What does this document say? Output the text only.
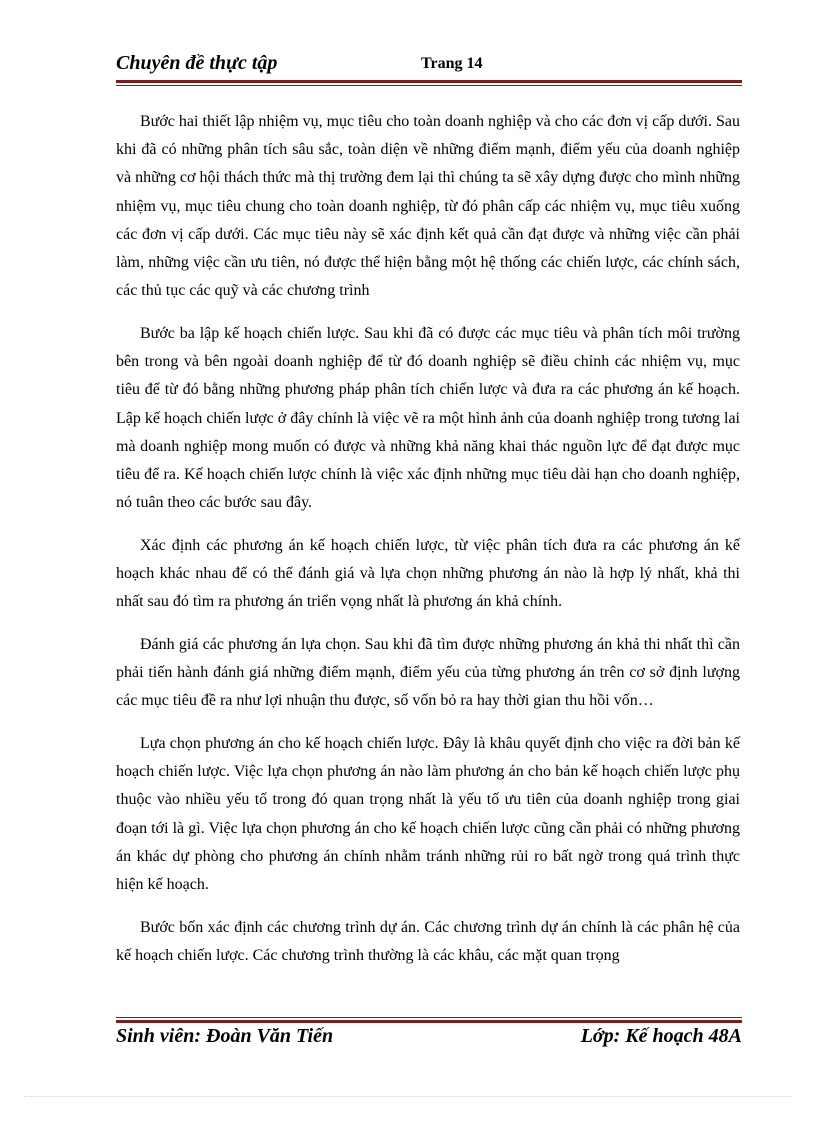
Chuyên đề thực tập	Trang 14

Bước hai thiết lập nhiệm vụ, mục tiêu cho toàn doanh nghiệp và cho các đơn vị cấp dưới. Sau khi đã có những phân tích sâu sắc, toàn diện về những điểm mạnh, điểm yếu của doanh nghiệp và những cơ hội thách thức mà thị trường đem lại thì chúng ta sẽ xây dựng được cho mình những nhiệm vụ, mục tiêu chung cho toàn doanh nghiệp, từ đó phân cấp các nhiệm vụ, mục tiêu xuống các đơn vị cấp dưới. Các mục tiêu này sẽ xác định kết quả cần đạt được và những việc cần phải làm, những việc cần ưu tiên, nó được thể hiện bằng một hệ thống các chiến lược, các chính sách, các thủ tục các quỹ và các chương trình

Bước ba lập kế hoạch chiến lược. Sau khi đã có được các mục tiêu và phân tích môi trường bên trong và bên ngoài doanh nghiệp để từ đó doanh nghiệp sẽ điều chỉnh các nhiệm vụ, mục tiêu để từ đó bằng những phương pháp phân tích chiến lược và đưa ra các phương án kế hoạch. Lập kế hoạch chiến lược ở đây chính là việc vẽ ra một hình ảnh của doanh nghiệp trong tương lai mà doanh nghiệp mong muốn có được và những khả năng khai thác nguồn lực để đạt được mục tiêu để ra. Kế hoạch chiến lược chính là việc xác định những mục tiêu dài hạn cho doanh nghiệp, nó tuân theo các bước sau đây.

Xác định các phương án kế hoạch chiến lược, từ việc phân tích đưa ra các phương án kế hoạch khác nhau để có thể đánh giá và lựa chọn những phương án nào là hợp lý nhất, khả thi nhất sau đó tìm ra phương án triển vọng nhất là phương án khả chính.

Đánh giá các phương án lựa chọn. Sau khi đã tìm được những phương án khả thi nhất thì cần phải tiến hành đánh giá những điểm mạnh, điểm yếu của từng phương án trên cơ sở định lượng các mục tiêu đề ra như lợi nhuận thu được, số vốn bỏ ra hay thời gian thu hồi vốn…

Lựa chọn phương án cho kế hoạch chiến lược. Đây là khâu quyết định cho việc ra đời bản kế hoạch chiến lược. Việc lựa chọn phương án nào làm phương án cho bản kế hoạch chiến lược phụ thuộc vào nhiều yếu tố trong đó quan trọng nhất là yếu tố ưu tiên của doanh nghiệp trong giai đoạn tới là gì. Việc lựa chọn phương án cho kế hoạch chiến lược cũng cần phải có những phương án khác dự phòng cho phương án chính nhằm tránh những rủi ro bất ngờ trong quá trình thực hiện kế hoạch.

Bước bốn xác định các chương trình dự án. Các chương trình dự án chính là các phân hệ của kế hoạch chiến lược. Các chương trình thường là các khâu, các mặt quan trọng

Sinh viên: Đoàn Văn Tiến	Lớp: Kế hoạch 48A
